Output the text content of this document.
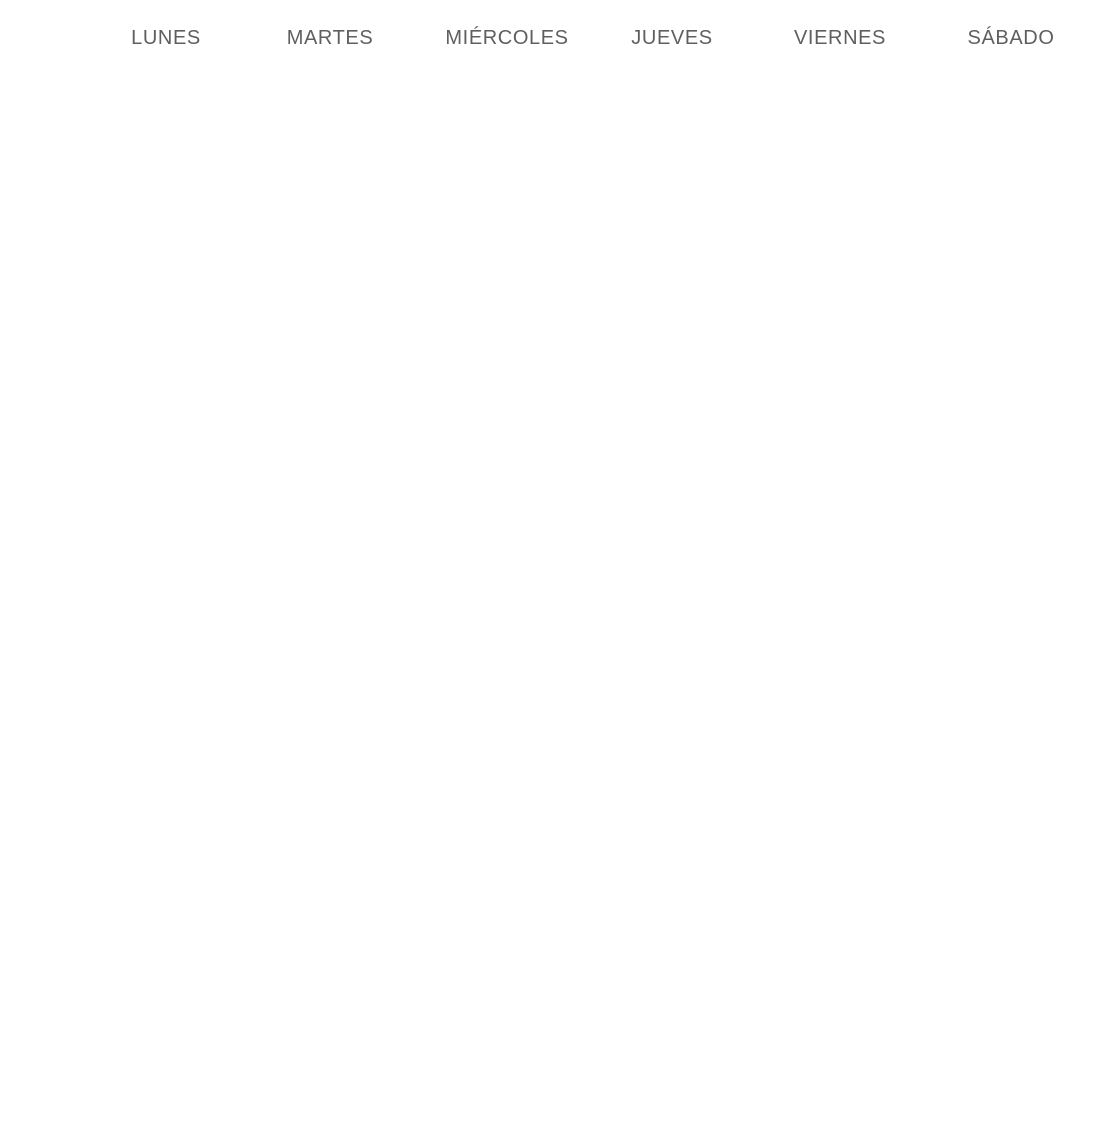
LUNES	MARTES	MIÉRCOLES	JUEVES	VIERNES	SÁBADO
